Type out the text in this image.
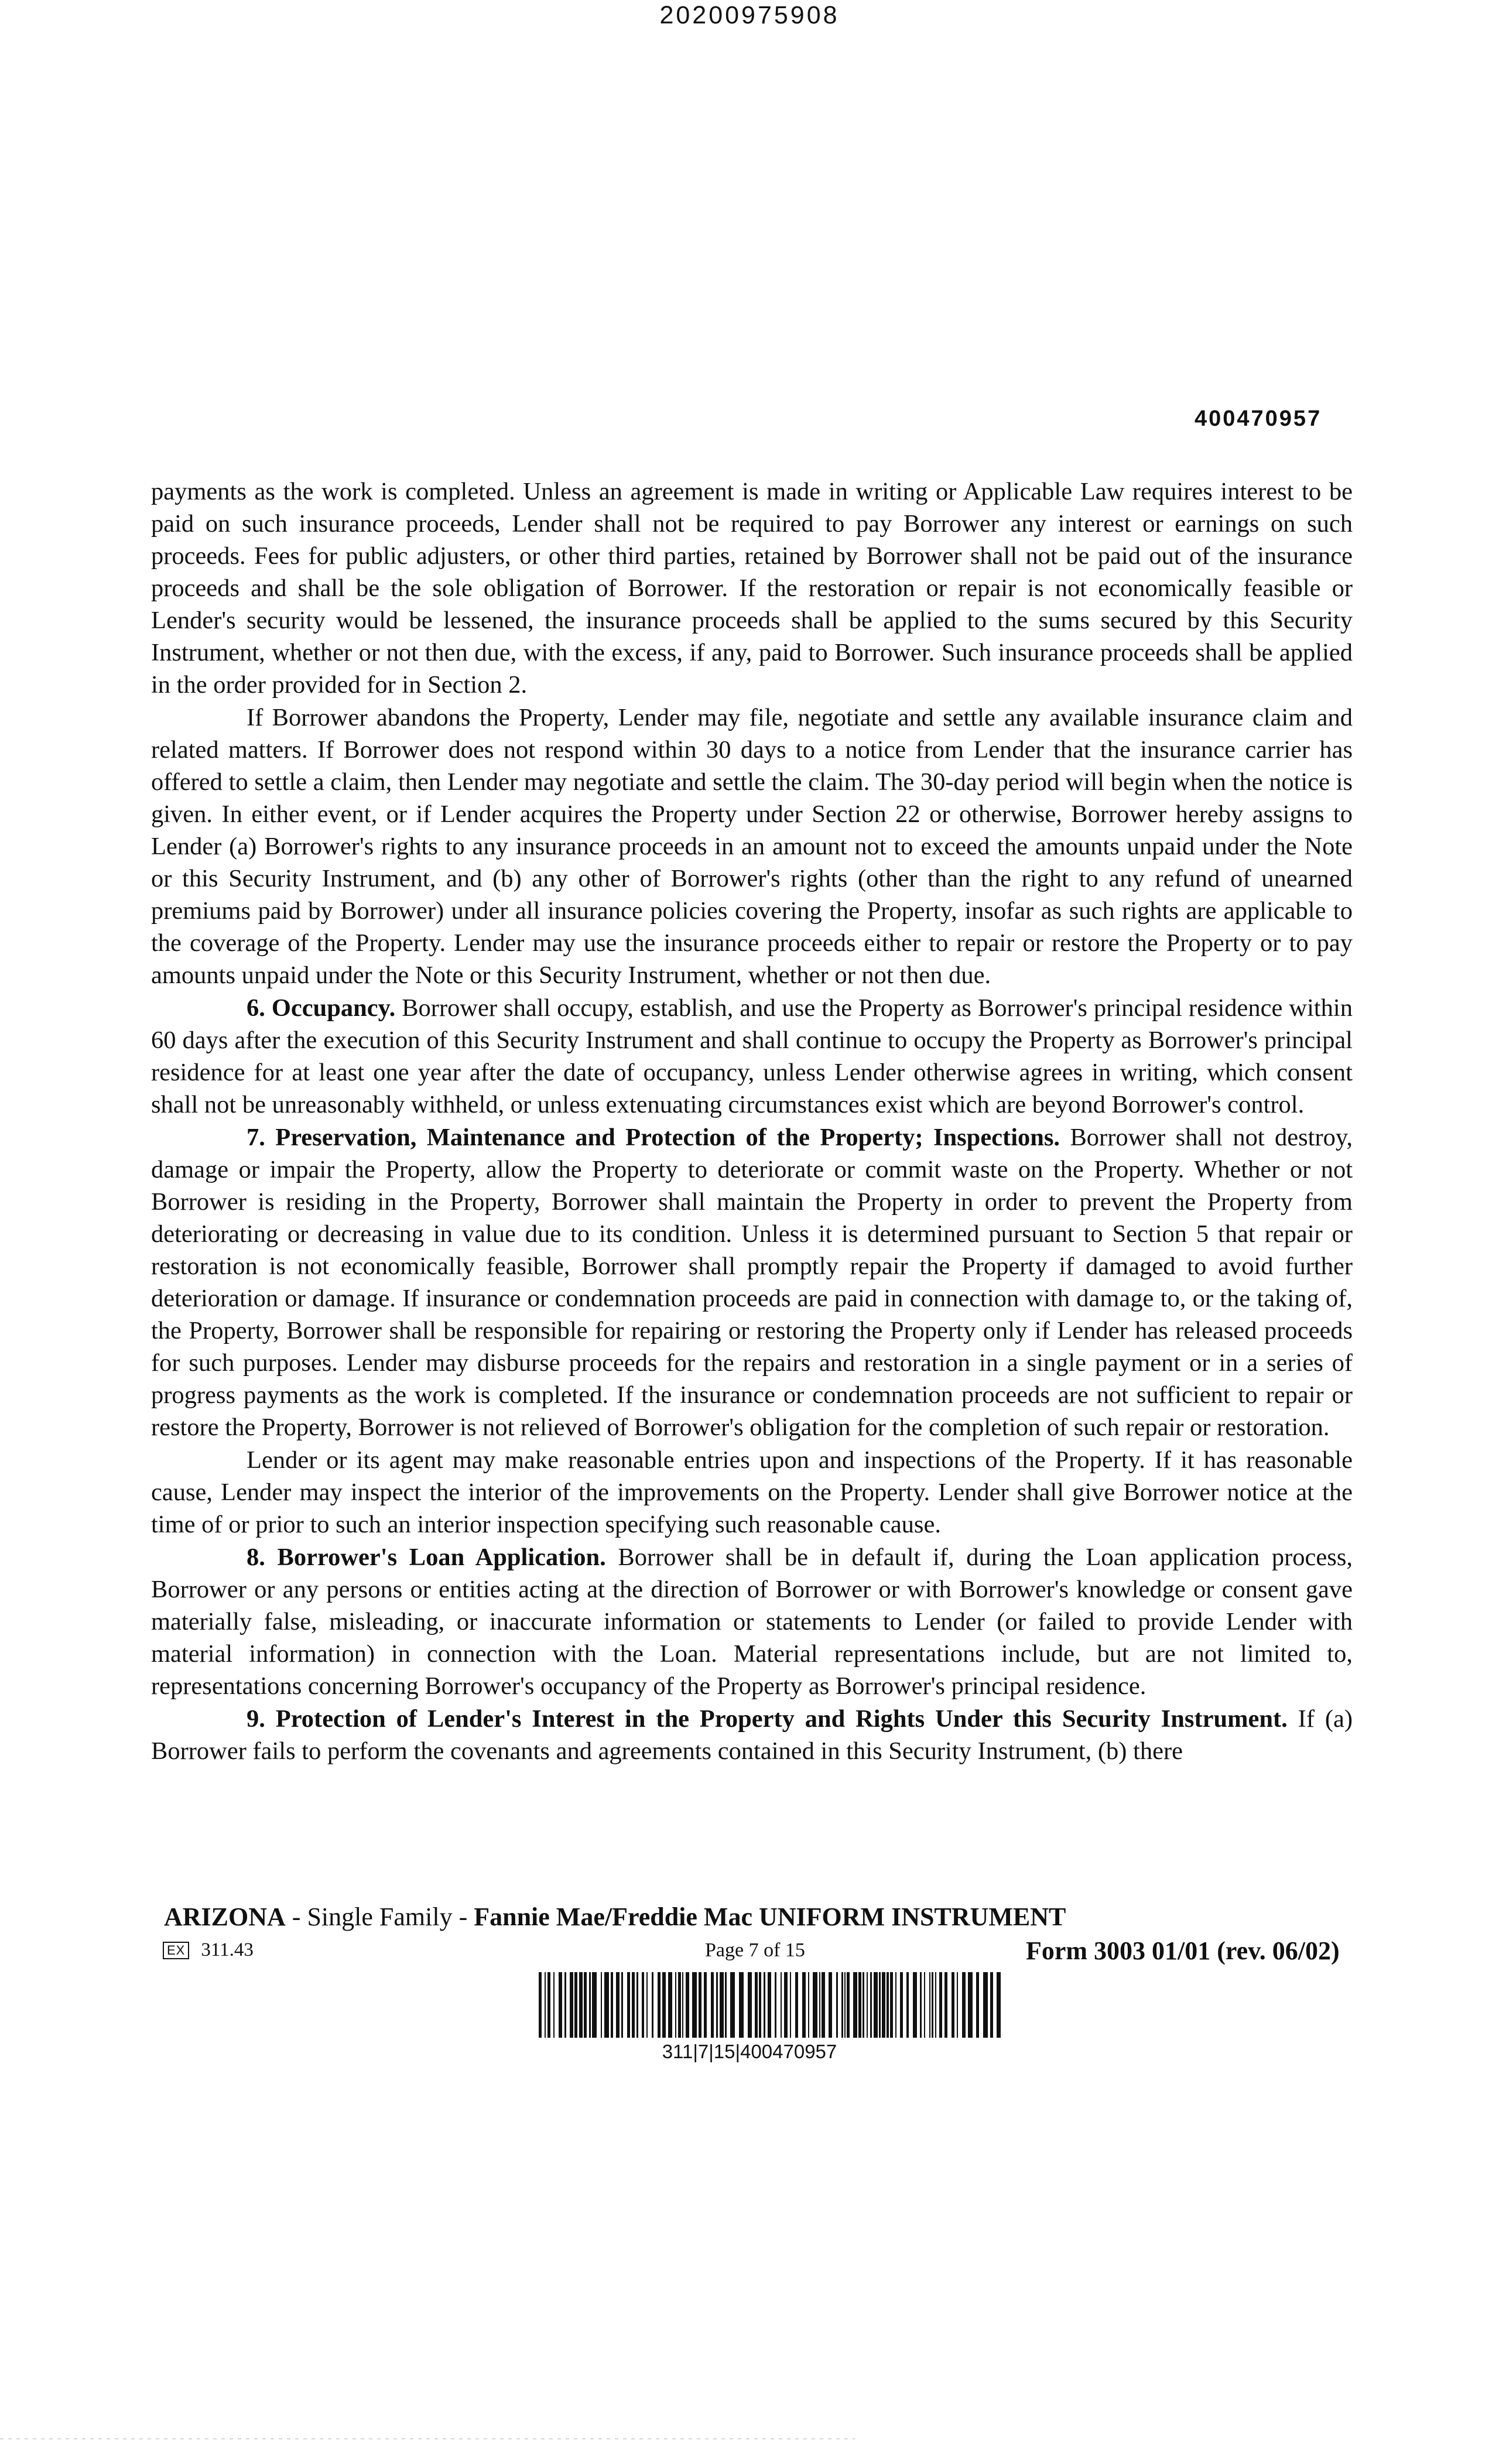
20200975908
400470957

payments as the work is completed. Unless an agreement is made in writing or Applicable Law requires interest to be paid on such insurance proceeds, Lender shall not be required to pay Borrower any interest or earnings on such proceeds. Fees for public adjusters, or other third parties, retained by Borrower shall not be paid out of the insurance proceeds and shall be the sole obligation of Borrower. If the restoration or repair is not economically feasible or Lender's security would be lessened, the insurance proceeds shall be applied to the sums secured by this Security Instrument, whether or not then due, with the excess, if any, paid to Borrower. Such insurance proceeds shall be applied in the order provided for in Section 2.

If Borrower abandons the Property, Lender may file, negotiate and settle any available insurance claim and related matters. If Borrower does not respond within 30 days to a notice from Lender that the insurance carrier has offered to settle a claim, then Lender may negotiate and settle the claim. The 30-day period will begin when the notice is given. In either event, or if Lender acquires the Property under Section 22 or otherwise, Borrower hereby assigns to Lender (a) Borrower's rights to any insurance proceeds in an amount not to exceed the amounts unpaid under the Note or this Security Instrument, and (b) any other of Borrower's rights (other than the right to any refund of unearned premiums paid by Borrower) under all insurance policies covering the Property, insofar as such rights are applicable to the coverage of the Property. Lender may use the insurance proceeds either to repair or restore the Property or to pay amounts unpaid under the Note or this Security Instrument, whether or not then due.

6. Occupancy. Borrower shall occupy, establish, and use the Property as Borrower's principal residence within 60 days after the execution of this Security Instrument and shall continue to occupy the Property as Borrower's principal residence for at least one year after the date of occupancy, unless Lender otherwise agrees in writing, which consent shall not be unreasonably withheld, or unless extenuating circumstances exist which are beyond Borrower's control.

7. Preservation, Maintenance and Protection of the Property; Inspections. Borrower shall not destroy, damage or impair the Property, allow the Property to deteriorate or commit waste on the Property. Whether or not Borrower is residing in the Property, Borrower shall maintain the Property in order to prevent the Property from deteriorating or decreasing in value due to its condition. Unless it is determined pursuant to Section 5 that repair or restoration is not economically feasible, Borrower shall promptly repair the Property if damaged to avoid further deterioration or damage. If insurance or condemnation proceeds are paid in connection with damage to, or the taking of, the Property, Borrower shall be responsible for repairing or restoring the Property only if Lender has released proceeds for such purposes. Lender may disburse proceeds for the repairs and restoration in a single payment or in a series of progress payments as the work is completed. If the insurance or condemnation proceeds are not sufficient to repair or restore the Property, Borrower is not relieved of Borrower's obligation for the completion of such repair or restoration.

Lender or its agent may make reasonable entries upon and inspections of the Property. If it has reasonable cause, Lender may inspect the interior of the improvements on the Property. Lender shall give Borrower notice at the time of or prior to such an interior inspection specifying such reasonable cause.

8. Borrower's Loan Application. Borrower shall be in default if, during the Loan application process, Borrower or any persons or entities acting at the direction of Borrower or with Borrower's knowledge or consent gave materially false, misleading, or inaccurate information or statements to Lender (or failed to provide Lender with material information) in connection with the Loan. Material representations include, but are not limited to, representations concerning Borrower's occupancy of the Property as Borrower's principal residence.

9. Protection of Lender's Interest in the Property and Rights Under this Security Instrument. If (a) Borrower fails to perform the covenants and agreements contained in this Security Instrument, (b) there

ARIZONA - Single Family - Fannie Mae/Freddie Mac UNIFORM INSTRUMENT
EX 311.43	Page 7 of 15	Form 3003 01/01 (rev. 06/02)
311|7|15|400470957
